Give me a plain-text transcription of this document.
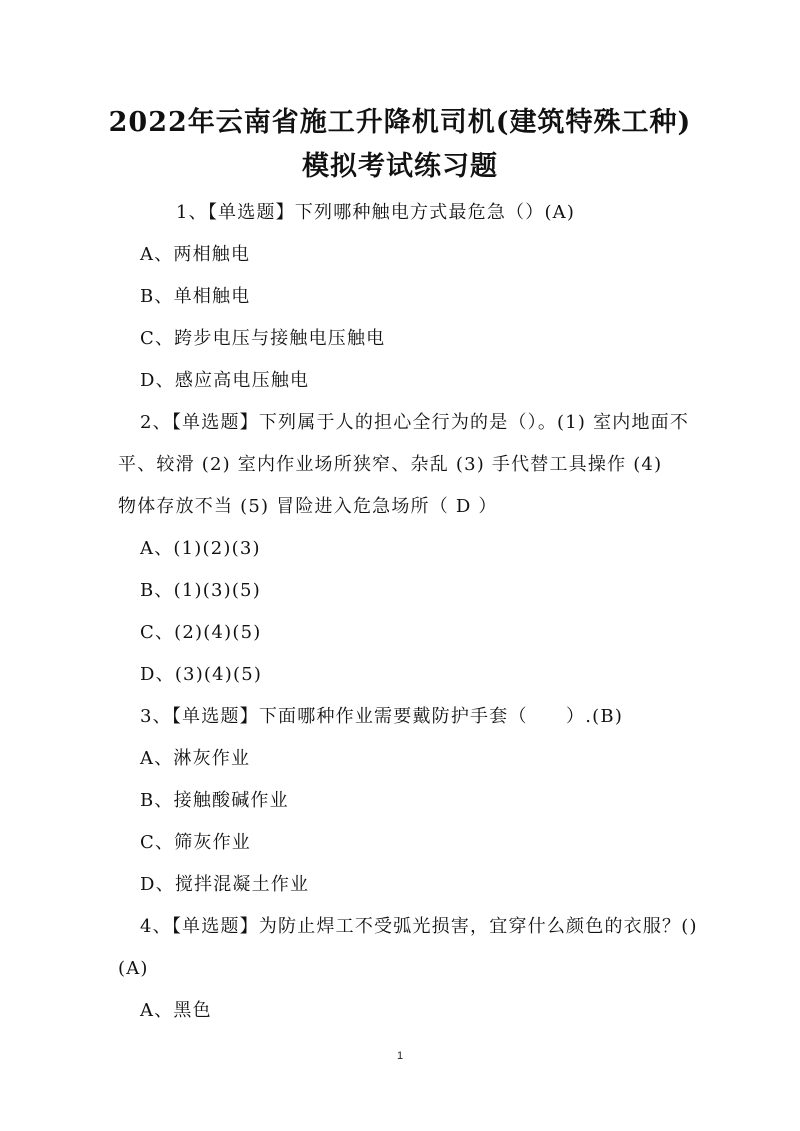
2022年云南省施工升降机司机(建筑特殊工种)
模拟考试练习题
1、【单选题】下列哪种触电方式最危急（）(A)
A、两相触电
B、单相触电
C、跨步电压与接触电压触电
D、感应高电压触电
2、【单选题】下列属于人的担心全行为的是（）。(1) 室内地面不
平、较滑 (2) 室内作业场所狭窄、杂乱 (3) 手代替工具操作 (4)
物体存放不当 (5) 冒险进入危急场所（ D ）
A、(1)(2)(3)
B、(1)(3)(5)
C、(2)(4)(5)
D、(3)(4)(5)
3、【单选题】下面哪种作业需要戴防护手套（　　）.(B)
A、淋灰作业
B、接触酸碱作业
C、筛灰作业
D、搅拌混凝土作业
4、【单选题】为防止焊工不受弧光损害，宜穿什么颜色的衣服？()
(A)
A、黑色
1
